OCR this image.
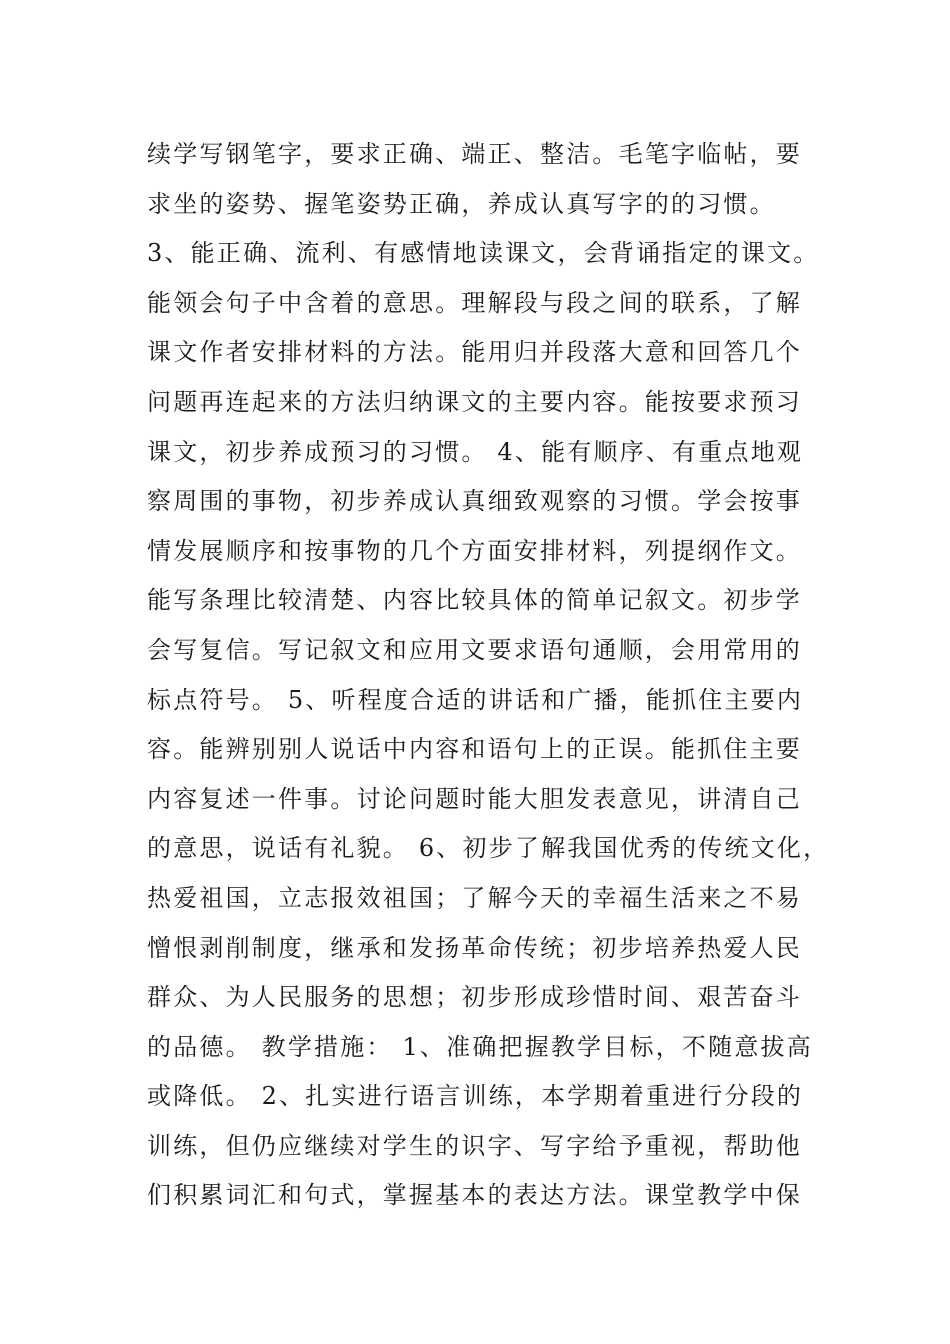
续学写钢笔字，要求正确、端正、整洁。毛笔字临帖，要
求坐的姿势、握笔姿势正确，养成认真写字的的习惯。
3、能正确、流利、有感情地读课文，会背诵指定的课文。
能领会句子中含着的意思。理解段与段之间的联系，了解
课文作者安排材料的方法。能用归并段落大意和回答几个
问题再连起来的方法归纳课文的主要内容。能按要求预习
课文，初步养成预习的习惯。 4、能有顺序、有重点地观
察周围的事物，初步养成认真细致观察的习惯。学会按事
情发展顺序和按事物的几个方面安排材料，列提纲作文。
能写条理比较清楚、内容比较具体的简单记叙文。初步学
会写复信。写记叙文和应用文要求语句通顺，会用常用的
标点符号。 5、听程度合适的讲话和广播，能抓住主要内
容。能辨别别人说话中内容和语句上的正误。能抓住主要
内容复述一件事。讨论问题时能大胆发表意见，讲清自己
的意思，说话有礼貌。 6、初步了解我国优秀的传统文化，
热爱祖国，立志报效祖国；了解今天的幸福生活来之不易
憎恨剥削制度，继承和发扬革命传统；初步培养热爱人民
群众、为人民服务的思想；初步形成珍惜时间、艰苦奋斗
的品德。 教学措施： 1、准确把握教学目标，不随意拔高
或降低。 2、扎实进行语言训练，本学期着重进行分段的
训练，但仍应继续对学生的识字、写字给予重视，帮助他
们积累词汇和句式，掌握基本的表达方法。课堂教学中保
